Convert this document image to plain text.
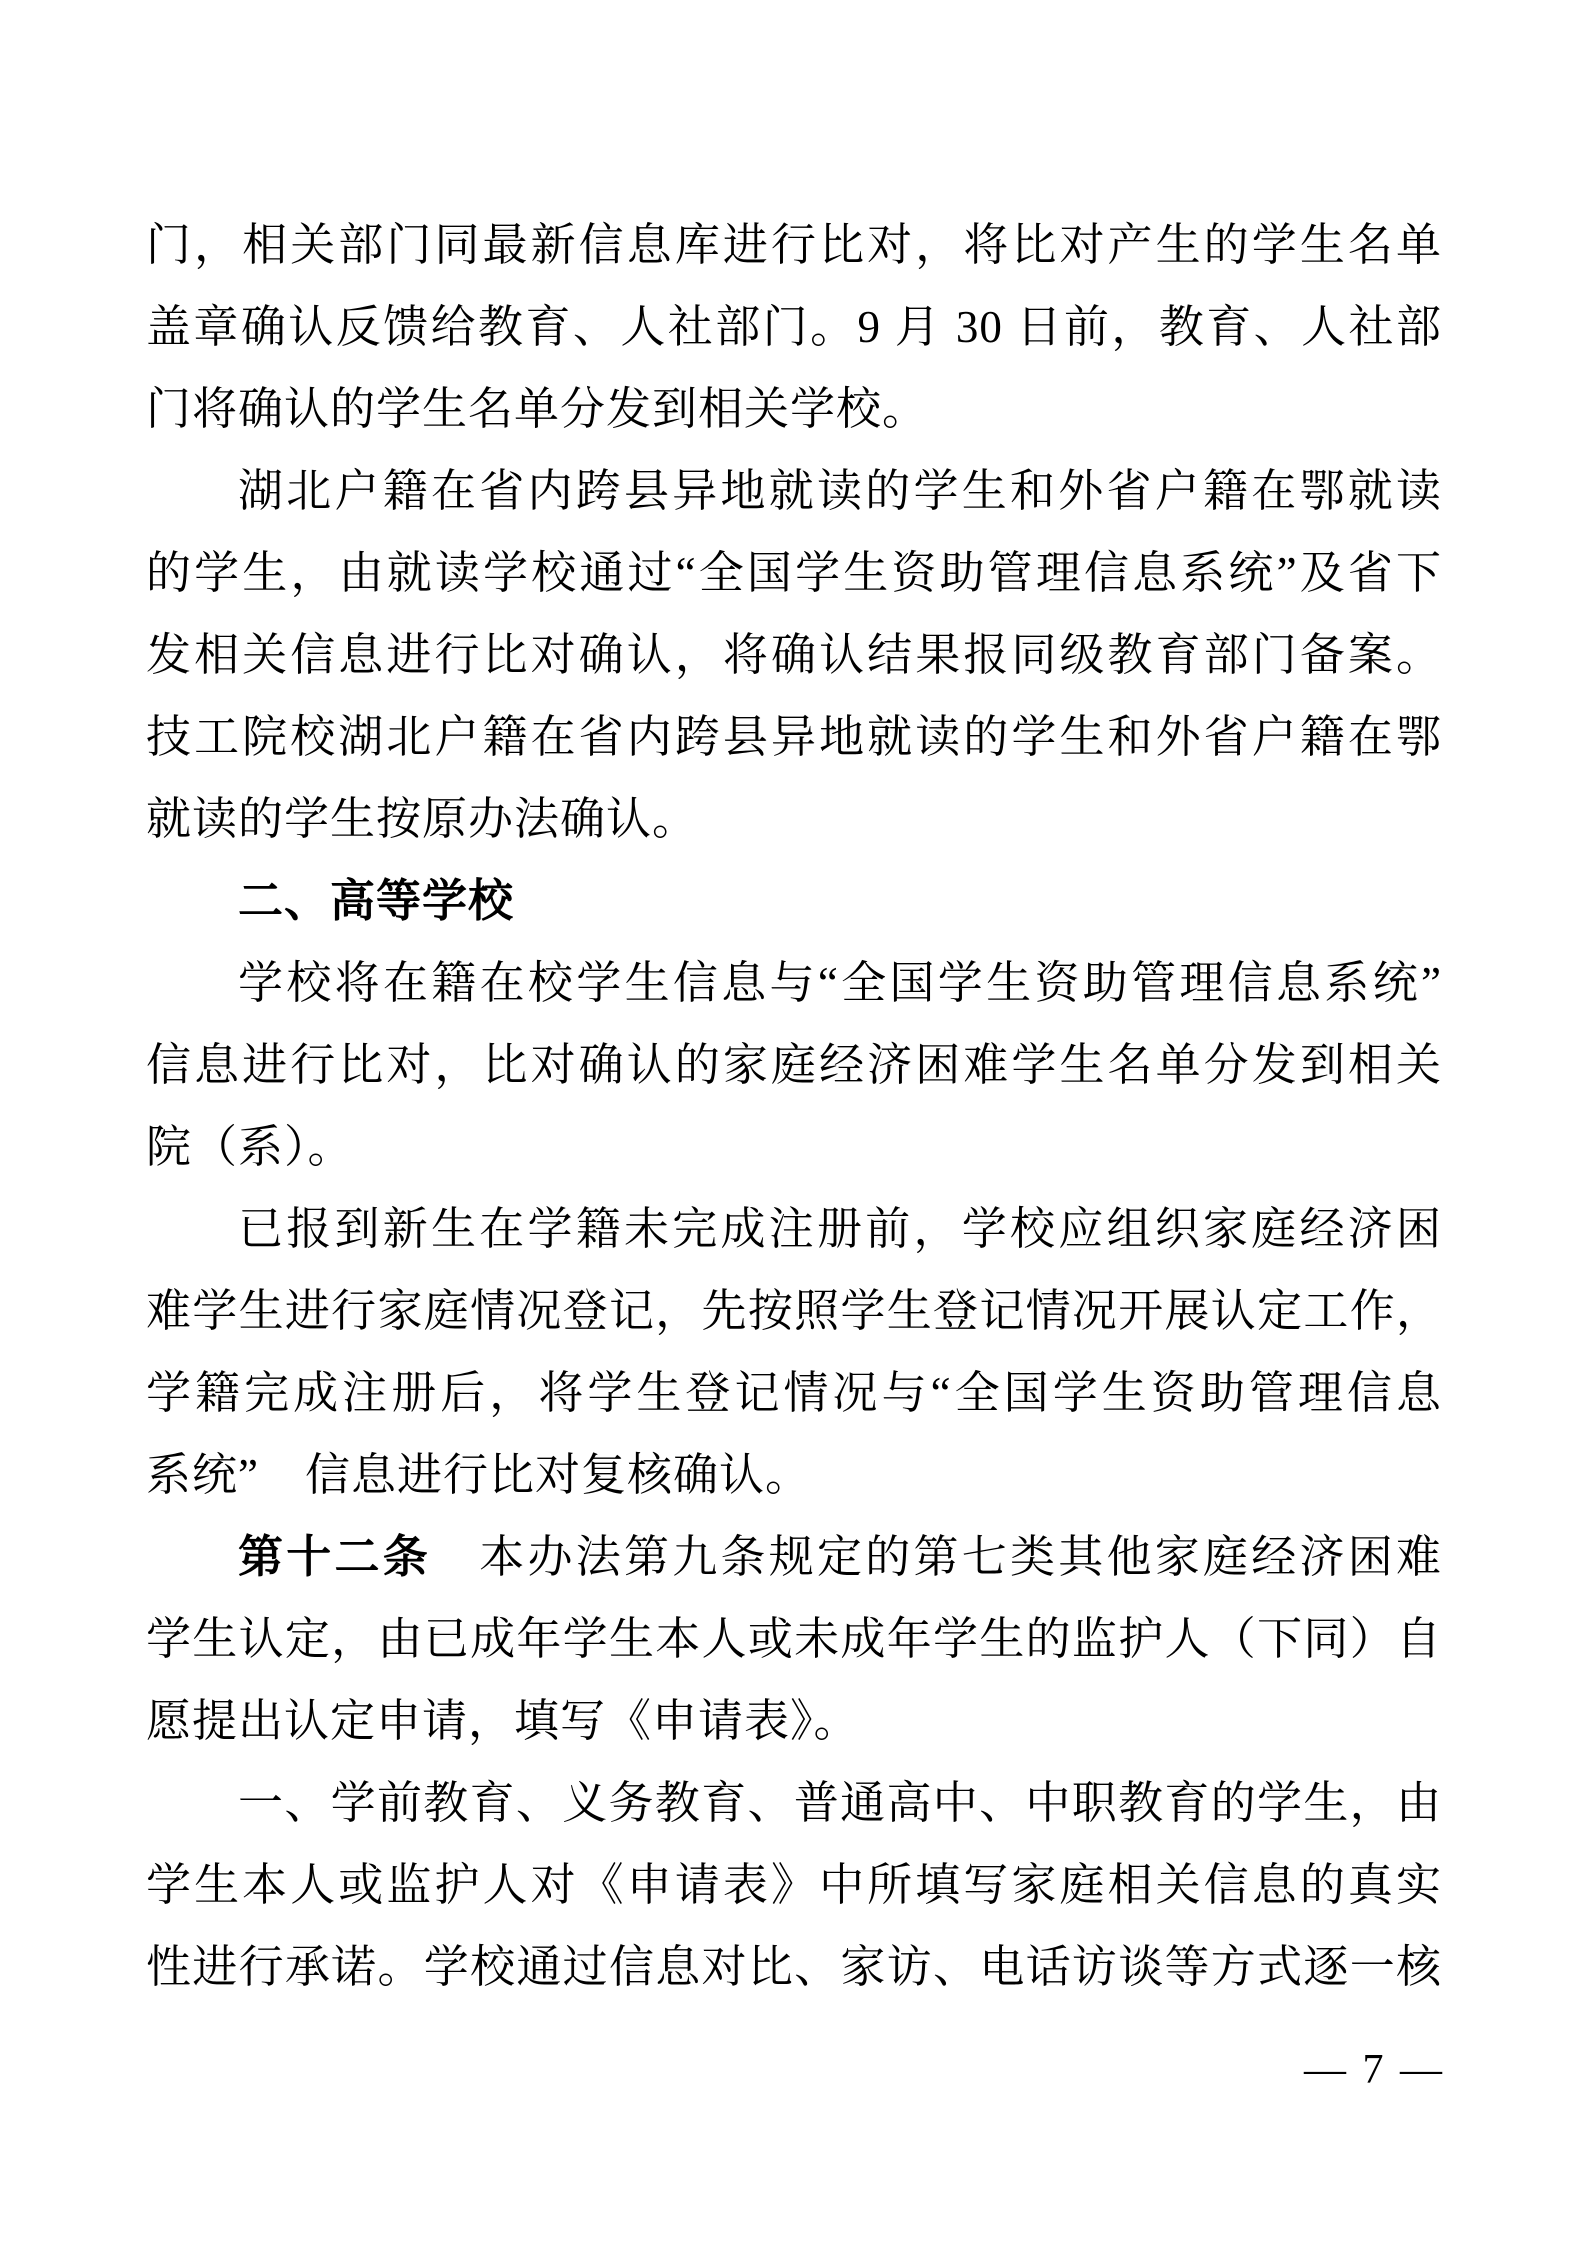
门，相关部门同最新信息库进行比对，将比对产生的学生名单
盖章确认反馈给教育、人社部门。9 月 30 日前，教育、人社部
门将确认的学生名单分发到相关学校。
湖北户籍在省内跨县异地就读的学生和外省户籍在鄂就读
的学生，由就读学校通过“全国学生资助管理信息系统”及省下
发相关信息进行比对确认，将确认结果报同级教育部门备案。
技工院校湖北户籍在省内跨县异地就读的学生和外省户籍在鄂
就读的学生按原办法确认。
二、高等学校
学校将在籍在校学生信息与“全国学生资助管理信息系统”
信息进行比对，比对确认的家庭经济困难学生名单分发到相关
院（系）。
已报到新生在学籍未完成注册前，学校应组织家庭经济困
难学生进行家庭情况登记，先按照学生登记情况开展认定工作，
学籍完成注册后，将学生登记情况与“全国学生资助管理信息
系统”　信息进行比对复核确认。
第十二条　本办法第九条规定的第七类其他家庭经济困难
学生认定，由已成年学生本人或未成年学生的监护人（下同）自
愿提出认定申请，填写《申请表》。
一、学前教育、义务教育、普通高中、中职教育的学生，由
学生本人或监护人对《申请表》中所填写家庭相关信息的真实
性进行承诺。学校通过信息对比、家访、电话访谈等方式逐一核
— 7 —
